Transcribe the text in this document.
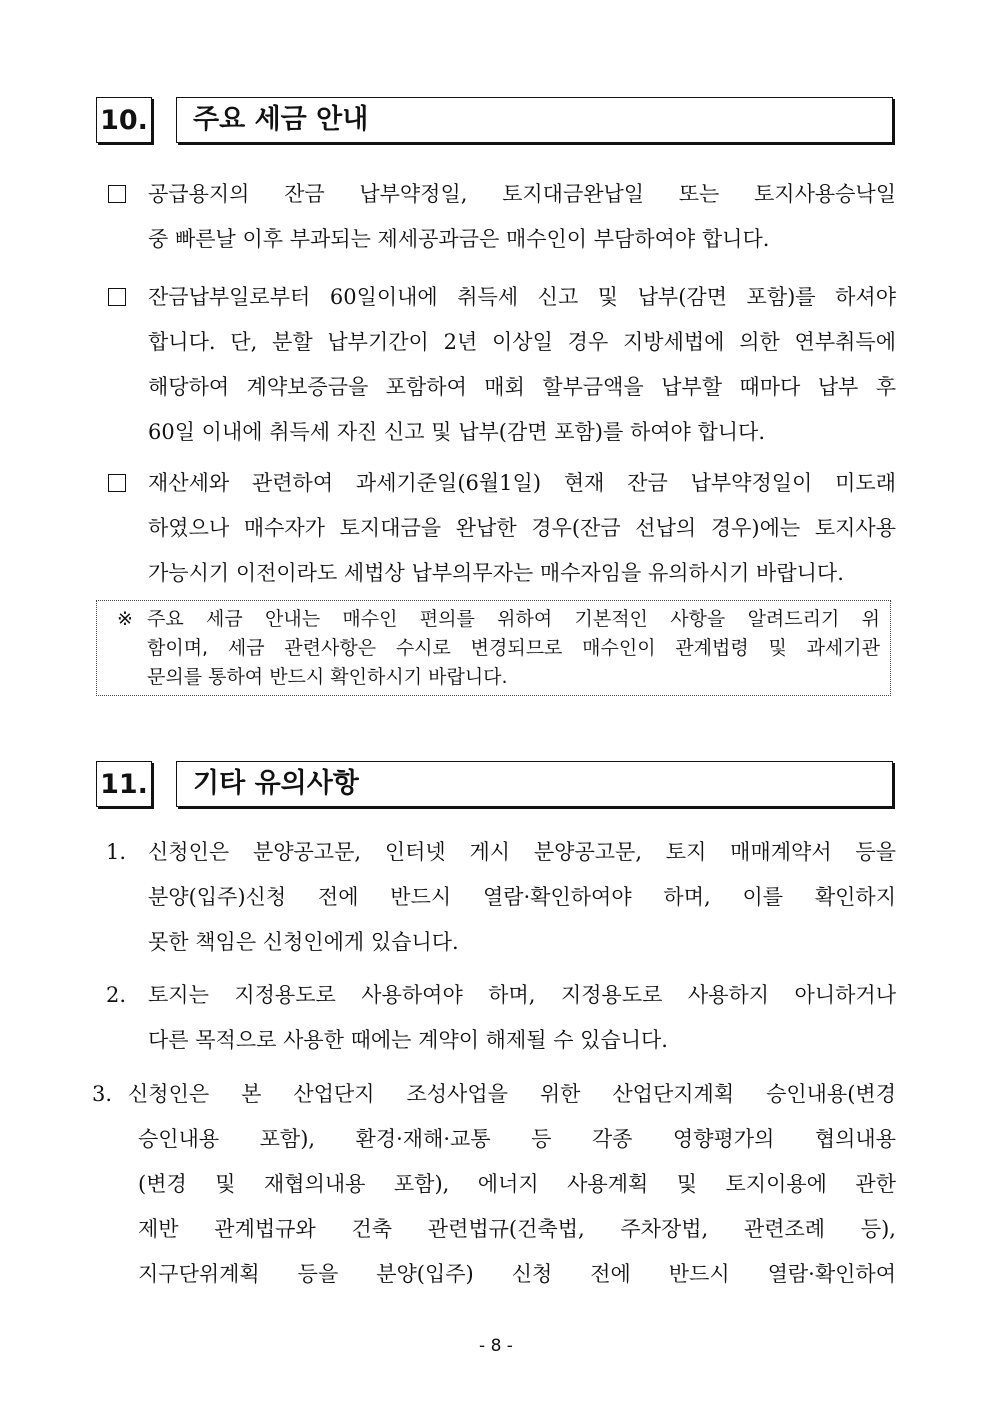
10.	주요 세금 안내
공급용지의 잔금 납부약정일, 토지대금완납일 또는 토지사용승낙일
중 빠른날 이후 부과되는 제세공과금은 매수인이 부담하여야 합니다.
잔금납부일로부터 60일이내에 취득세 신고 및 납부(감면 포함)를 하셔야
합니다. 단, 분할 납부기간이 2년 이상일 경우 지방세법에 의한 연부취득에
해당하여 계약보증금을 포함하여 매회 할부금액을 납부할 때마다 납부 후
60일 이내에 취득세 자진 신고 및 납부(감면 포함)를 하여야 합니다.
재산세와 관련하여 과세기준일(6월1일) 현재 잔금 납부약정일이 미도래
하였으나 매수자가 토지대금을 완납한 경우(잔금 선납의 경우)에는 토지사용
가능시기 이전이라도 세법상 납부의무자는 매수자임을 유의하시기 바랍니다.
※ 주요 세금 안내는 매수인 편의를 위하여 기본적인 사항을 알려드리기 위
함이며, 세금 관련사항은 수시로 변경되므로 매수인이 관계법령 및 과세기관
문의를 통하여 반드시 확인하시기 바랍니다.
11.	기타 유의사항
1. 신청인은 분양공고문, 인터넷 게시 분양공고문, 토지 매매계약서 등을
분양(입주)신청 전에 반드시 열람·확인하여야 하며, 이를 확인하지
못한 책임은 신청인에게 있습니다.
2. 토지는 지정용도로 사용하여야 하며, 지정용도로 사용하지 아니하거나
다른 목적으로 사용한 때에는 계약이 해제될 수 있습니다.
3. 신청인은 본 산업단지 조성사업을 위한 산업단지계획 승인내용(변경
승인내용 포함), 환경·재해·교통 등 각종 영향평가의 협의내용
(변경 및 재협의내용 포함), 에너지 사용계획 및 토지이용에 관한
제반 관계법규와 건축 관련법규(건축법, 주차장법, 관련조례 등),
지구단위계획 등을 분양(입주) 신청 전에 반드시 열람·확인하여
- 8 -
